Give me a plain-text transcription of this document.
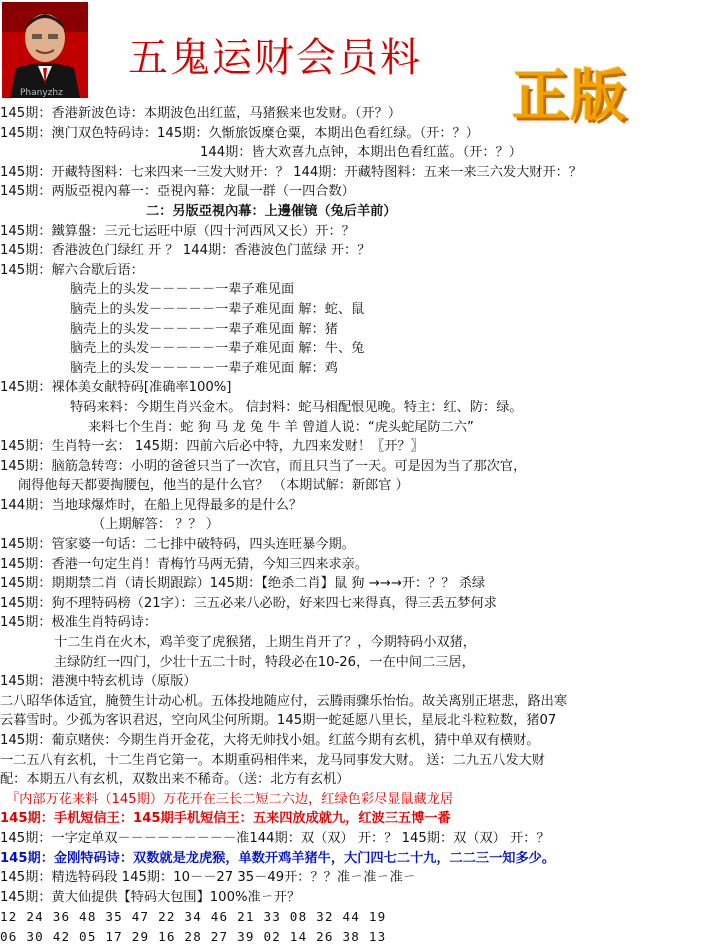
Phanyzhz
五鬼运财会员料
正版
145期：香港新波色诗：本期波色出红蓝，马猪猴来也发财。（开？）
145期：澳门双色特码诗：145期：久惭旅饭糜仓粟，本期出色看红绿。（开：？）
144期：皆大欢喜九点钟，本期出色看红蓝。（开：？）
145期：开藏特图料：七来四来一三发大财开：？ 144期：开藏特图料：五来一来三六发大财开：？
145期：两版亞視內幕一：亞視內幕：龙鼠一群（一四合数）
二：另版亞視內幕：上邊催镜（兔后羊前）
145期：鐵算盤：三元七运旺中原（四十河西风又长）开：？
145期：香港波色门绿红 开 ？ 144期：香港波色门蓝绿 开：？
145期：解六合歇后语：
脑壳上的头发－－－－－一辈子难见面
脑壳上的头发－－－－－一辈子难见面 解：蛇、鼠
脑壳上的头发－－－－－一辈子难见面 解：猪
脑壳上的头发－－－－－一辈子难见面 解：牛、兔
脑壳上的头发－－－－－一辈子难见面 解：鸡
145期：裸体美女献特码[准确率100%]
特码来料：今期生肖兴金木。 信封料：蛇马相配恨见晚。特主：红、防：绿。
来料七个生肖：蛇 狗 马 龙 兔 牛 羊 曾道人说：“虎头蛇尾防二六”
145期：生肖特一玄： 145期：四前六后必中特，九四来发财！〖开？〗
145期：脑筋急转弯：小明的爸爸只当了一次官，而且只当了一天。可是因为当了那次官，
闹得他每天都要掏腰包，他当的是什么官？ （本期试解：新郎官 ）
144期：当地球爆炸时，在船上见得最多的是什么？
（上期解答： ？？ ）
145期：管家婆一句话：二七排中破特码，四头连旺暴今期。
145期：香港一句定生肖！青梅竹马两无猜，今知三四来求亲。
145期：期期禁二肖（请长期跟踪）145期：【绝杀二肖】鼠 狗 →→→开：？？ 杀绿
145期：狗不理特码榜（21字）：三五必来八必盼，好来四七来得真，得三丢五梦何求
145期：极准生肖特码诗：
十二生肖在火木，鸡羊变了虎猴猪，上期生肖开了？，今期特码小双猪，
主绿防红一四门，少壮十五二十时，特段必在10-26，一在中间二三居，
145期：港澳中特玄机诗（原版）
二八昭华体适宜，腌赞生计动心机。五体投地随应付，云腾雨骤乐怡怡。故关离别正堪悲，路出寒
云暮雪时。少孤为客识君迟，空向风尘何所期。145期一蛇延愿八里长，星辰北斗粒粒数，猪07
145期：葡京赌侠：今期生肖开金花，大将无帅找小姐。红蓝今期有玄机，猜中单双有横财。
一二五八有玄机，十二生肖它第一。本期重码相伴来，龙马同事发大财。 送：二九五八发大财
配：本期五八有玄机，双数出来不稀奇。（送：北方有玄机）
『内部万花来料（145期）万花开在三长二短二六边，红绿色彩尽显鼠藏龙居
145期：手机短信王：145期手机短信王：五来四放成就九，红波三五博一番
145期：一字定单双－－－－－－－－－准144期：双（双） 开：？ 145期：双（双） 开：？
145期：金刚特码诗：双数就是龙虎猴，单数开鸡羊猪牛，大门四七二十九，二二三一知多少。
145期：精选特码段 145期：10－－27 35－49开：？？准ㄧ准ㄧ准ㄧ
145期：黄大仙提供【特码大包围】100%准ㄧ开？
12 24 36 48 35 47 22 34 46 21 33 08 32 44 19
06 30 42 05 17 29 16 28 27 39 02 14 26 38 13
